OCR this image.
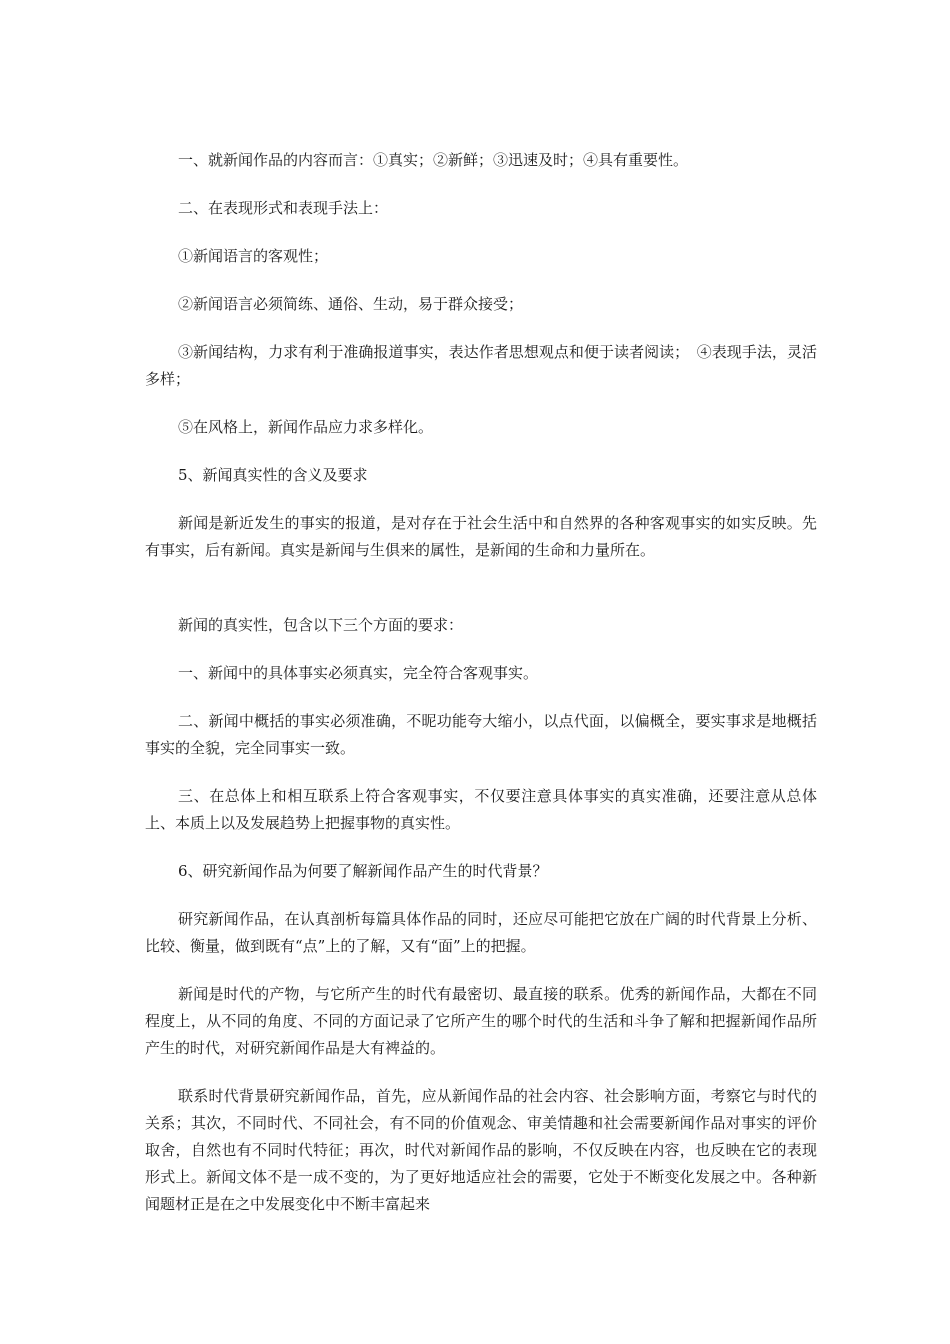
一、就新闻作品的内容而言：①真实；②新鲜；③迅速及时；④具有重要性。

二、在表现形式和表现手法上：

①新闻语言的客观性；

②新闻语言必须简练、通俗、生动，易于群众接受；

③新闻结构，力求有利于准确报道事实，表达作者思想观点和便于读者阅读；　④表现手法，灵活多样；

⑤在风格上，新闻作品应力求多样化。

5、新闻真实性的含义及要求

新闻是新近发生的事实的报道，是对存在于社会生活中和自然界的各种客观事实的如实反映。先有事实，后有新闻。真实是新闻与生俱来的属性，是新闻的生命和力量所在。

新闻的真实性，包含以下三个方面的要求：

一、新闻中的具体事实必须真实，完全符合客观事实。

二、新闻中概括的事实必须准确，不昵功能夸大缩小，以点代面，以偏概全，要实事求是地概括事实的全貌，完全同事实一致。

三、在总体上和相互联系上符合客观事实，不仅要注意具体事实的真实准确，还要注意从总体上、本质上以及发展趋势上把握事物的真实性。

6、研究新闻作品为何要了解新闻作品产生的时代背景？

研究新闻作品，在认真剖析每篇具体作品的同时，还应尽可能把它放在广阔的时代背景上分析、比较、衡量，做到既有“点”上的了解，又有“面”上的把握。

新闻是时代的产物，与它所产生的时代有最密切、最直接的联系。优秀的新闻作品，大都在不同程度上，从不同的角度、不同的方面记录了它所产生的哪个时代的生活和斗争了解和把握新闻作品所产生的时代，对研究新闻作品是大有裨益的。

联系时代背景研究新闻作品，首先，应从新闻作品的社会内容、社会影响方面，考察它与时代的关系；其次，不同时代、不同社会，有不同的价值观念、审美情趣和社会需要新闻作品对事实的评价取舍，自然也有不同时代特征；再次，时代对新闻作品的影响，不仅反映在内容，也反映在它的表现形式上。新闻文体不是一成不变的，为了更好地适应社会的需要，它处于不断变化发展之中。各种新闻题材正是在之中发展变化中不断丰富起来
